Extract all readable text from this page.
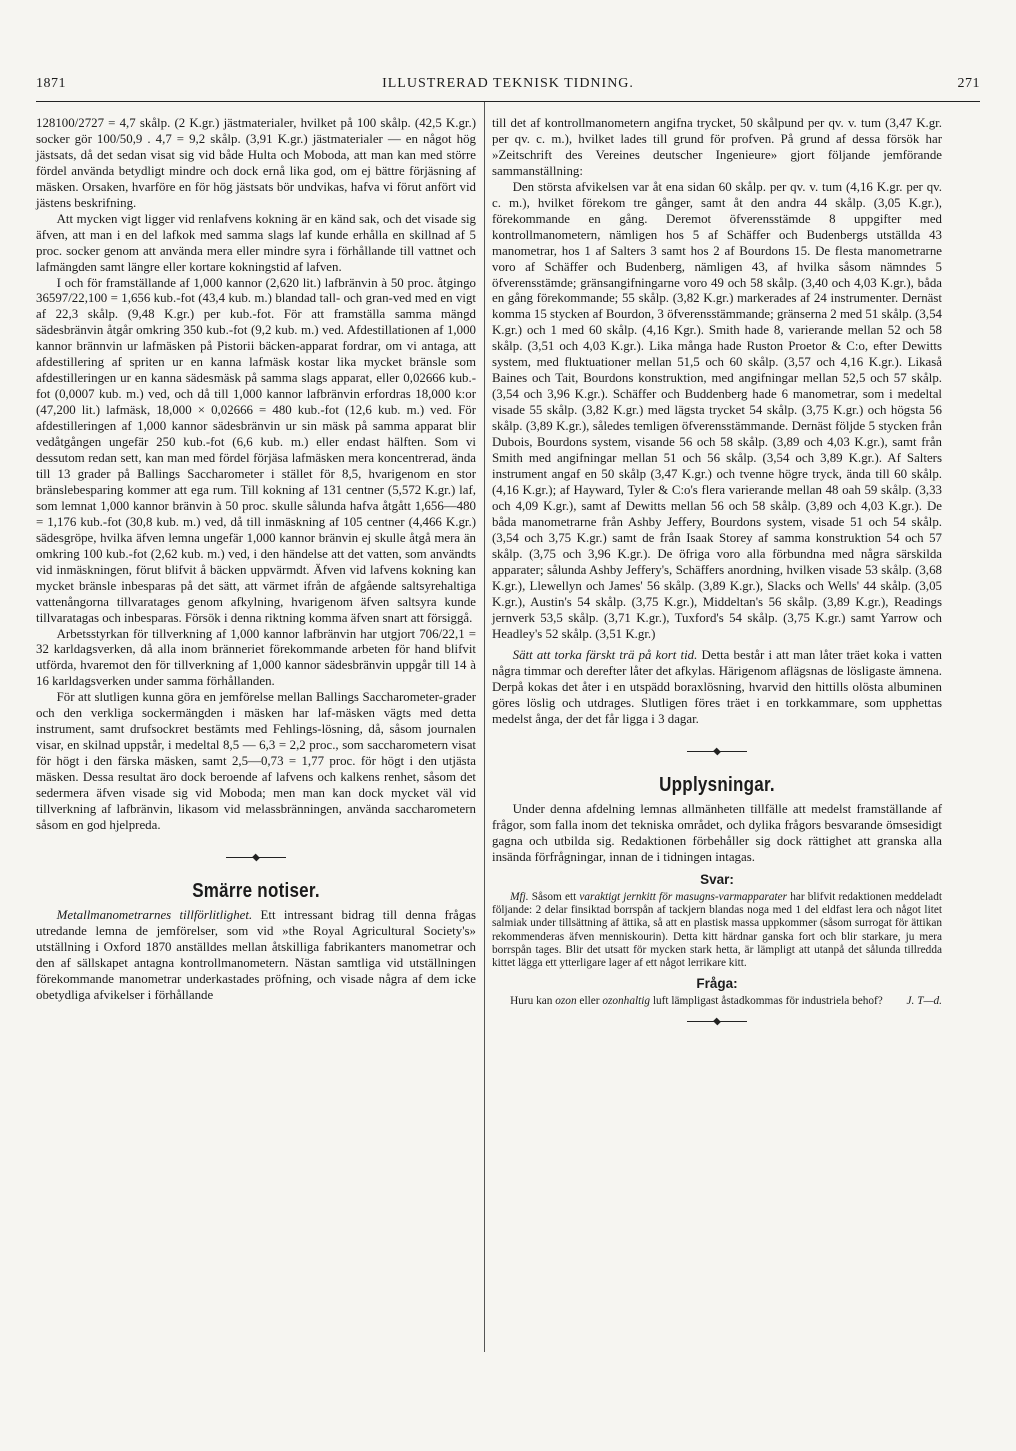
1871	ILLUSTRERAD TEKNISK TIDNING.	271

128100/2727 = 4,7 skålp. (2 K.gr.) jästmaterialer, hvilket på 100 skålp. (42,5 K.gr.) socker gör 100/50,9 . 4,7 = 9,2 skålp. (3,91 K.gr.) jästmaterialer — en något hög jästsats, då det sedan visat sig vid både Hulta och Moboda, att man kan med större fördel använda betydligt mindre och dock ernå lika god, om ej bättre förjäsning af mäsken. Orsaken, hvarföre en för hög jästsats bör undvikas, hafva vi förut anfört vid jästens beskrifning.

Att mycken vigt ligger vid renlafvens kokning är en känd sak, och det visade sig äfven, att man i en del lafkok med samma slags laf kunde erhålla en skillnad af 5 proc. socker genom att använda mera eller mindre syra i förhållande till vattnet och lafmängden samt längre eller kortare kokningstid af lafven.

I och för framställande af 1,000 kannor (2,620 lit.) lafbränvin à 50 proc. åtgingo 36597/22,100 = 1,656 kub.-fot (43,4 kub. m.) blandad tall- och gran-ved med en vigt af 22,3 skålp. (9,48 K.gr.) per kub.-fot. För att framställa samma mängd sädesbränvin åtgår omkring 350 kub.-fot (9,2 kub. m.) ved. Afdestillationen af 1,000 kannor brännvin ur lafmäsken på Pistorii bäcken-apparat fordrar, om vi antaga, att afdestillering af spriten ur en kanna lafmäsk kostar lika mycket bränsle som afdestilleringen ur en kanna sädesmäsk på samma slags apparat, eller 0,02666 kub.-fot (0,0007 kub. m.) ved, och då till 1,000 kannor lafbränvin erfordras 18,000 k:or (47,200 lit.) lafmäsk, 18,000 × 0,02666 = 480 kub.-fot (12,6 kub. m.) ved. För afdestilleringen af 1,000 kannor sädesbränvin ur sin mäsk på samma apparat blir vedåtgången ungefär 250 kub.-fot (6,6 kub. m.) eller endast hälften. Som vi dessutom redan sett, kan man med fördel förjäsa lafmäsken mera koncentrerad, ända till 13 grader på Ballings Saccharometer i stället för 8,5, hvarigenom en stor bränslebesparing kommer att ega rum. Till kokning af 131 centner (5,572 K.gr.) laf, som lemnat 1,000 kannor bränvin à 50 proc. skulle sålunda hafva åtgått 1,656—480 = 1,176 kub.-fot (30,8 kub. m.) ved, då till inmäskning af 105 centner (4,466 K.gr.) sädesgröpe, hvilka äfven lemna ungefär 1,000 kannor bränvin ej skulle åtgå mera än omkring 100 kub.-fot (2,62 kub. m.) ved, i den händelse att det vatten, som användts vid inmäskningen, förut blifvit å bäcken uppvärmdt. Äfven vid lafvens kokning kan mycket bränsle inbesparas på det sätt, att värmet ifrån de afgående saltsyrehaltiga vattenångorna tillvaratages genom afkylning, hvarigenom äfven saltsyra kunde tillvaratagas och inbesparas. Försök i denna riktning komma äfven snart att försiggå.

Arbetsstyrkan för tillverkning af 1,000 kannor lafbränvin har utgjort 706/22,1 = 32 karldagsverken, då alla inom bränneriet förekommande arbeten för hand blifvit utförda, hvaremot den för tillverkning af 1,000 kannor sädesbränvin uppgår till 14 à 16 karldagsverken under samma förhållanden.

För att slutligen kunna göra en jemförelse mellan Ballings Saccharometer-grader och den verkliga sockermängden i mäsken har laf-mäsken vägts med detta instrument, samt drufsockret bestämts med Fehlings-lösning, då, såsom journalen visar, en skilnad uppstår, i medeltal 8,5 — 6,3 = 2,2 proc., som saccharometern visat för högt i den färska mäsken, samt 2,5—0,73 = 1,77 proc. för högt i den utjästa mäsken. Dessa resultat äro dock beroende af lafvens och kalkens renhet, såsom det sedermera äfven visade sig vid Moboda; men man kan dock mycket väl vid tillverkning af lafbränvin, likasom vid melassbränningen, använda saccharometern såsom en god hjelpreda.

Smärre notiser.

Metallmanometrarnes tillförlitlighet. Ett intressant bidrag till denna frågas utredande lemna de jemförelser, som vid »the Royal Agricultural Society's» utställning i Oxford 1870 anställdes mellan åtskilliga fabrikanters manometrar och den af sällskapet antagna kontrollmanometern. Nästan samtliga vid utställningen förekommande manometrar underkastades pröfning, och visade några af dem icke obetydliga afvikelser i förhållande

till det af kontrollmanometern angifna trycket, 50 skålpund per qv. v. tum (3,47 K.gr. per qv. c. m.), hvilket lades till grund för profven. På grund af dessa försök har »Zeitschrift des Vereines deutscher Ingenieure» gjort följande jemförande sammanställning:

Den största afvikelsen var åt ena sidan 60 skålp. per qv. v. tum (4,16 K.gr. per qv. c. m.), hvilket förekom tre gånger, samt åt den andra 44 skålp. (3,05 K.gr.), förekommande en gång. Deremot öfverensstämde 8 uppgifter med kontrollmanometern, nämligen hos 5 af Schäffer och Budenbergs utställda 43 manometrar, hos 1 af Salters 3 samt hos 2 af Bourdons 15. De flesta manometrarne voro af Schäffer och Budenberg, nämligen 43, af hvilka såsom nämndes 5 öfverensstämde; gränsangifningarne voro 49 och 58 skålp. (3,40 och 4,03 K.gr.), båda en gång förekommande; 55 skålp. (3,82 K.gr.) markerades af 24 instrumenter. Dernäst komma 15 stycken af Bourdon, 3 öfverensstämmande; gränserna 2 med 51 skålp. (3,54 K.gr.) och 1 med 60 skålp. (4,16 Kgr.). Smith hade 8, varierande mellan 52 och 58 skålp. (3,51 och 4,03 K.gr.). Lika många hade Ruston Proetor & C:o, efter Dewitts system, med fluktuationer mellan 51,5 och 60 skålp. (3,57 och 4,16 K.gr.). Likaså Baines och Tait, Bourdons konstruktion, med angifningar mellan 52,5 och 57 skålp. (3,54 och 3,96 K.gr.). Schäffer och Buddenberg hade 6 manometrar, som i medeltal visade 55 skålp. (3,82 K.gr.) med lägsta trycket 54 skålp. (3,75 K.gr.) och högsta 56 skålp. (3,89 K.gr.), således temligen öfverensstämmande. Dernäst följde 5 stycken från Dubois, Bourdons system, visande 56 och 58 skålp. (3,89 och 4,03 K.gr.), samt från Smith med angifningar mellan 51 och 56 skålp. (3,54 och 3,89 K.gr.). Af Salters instrument angaf en 50 skålp (3,47 K.gr.) och tvenne högre tryck, ända till 60 skålp. (4,16 K.gr.); af Hayward, Tyler & C:o's flera varierande mellan 48 oah 59 skålp. (3,33 och 4,09 K.gr.), samt af Dewitts mellan 56 och 58 skålp. (3,89 och 4,03 K.gr.). De båda manometrarne från Ashby Jeffery, Bourdons system, visade 51 och 54 skålp. (3,54 och 3,75 K.gr.) samt de från Isaak Storey af samma konstruktion 54 och 57 skålp. (3,75 och 3,96 K.gr.). De öfriga voro alla förbundna med några särskilda apparater; sålunda Ashby Jeffery's, Schäffers anordning, hvilken visade 53 skålp. (3,68 K.gr.), Llewellyn och James' 56 skålp. (3,89 K.gr.), Slacks och Wells' 44 skålp. (3,05 K.gr.), Austin's 54 skålp. (3,75 K.gr.), Middeltan's 56 skålp. (3,89 K.gr.), Readings jernverk 53,5 skålp. (3,71 K.gr.), Tuxford's 54 skålp. (3,75 K.gr.) samt Yarrow och Headley's 52 skålp. (3,51 K.gr.)

Sätt att torka färskt trä på kort tid. Detta består i att man låter träet koka i vatten några timmar och derefter låter det afkylas. Härigenom aflägsnas de lösligaste ämnena. Derpå kokas det åter i en utspädd boraxlösning, hvarvid den hittills olösta albuminen göres löslig och utdrages. Slutligen föres träet i en torkkammare, som upphettas medelst ånga, der det får ligga i 3 dagar.

Upplysningar.

Under denna afdelning lemnas allmänheten tillfälle att medelst framställande af frågor, som falla inom det tekniska området, och dylika frågors besvarande ömsesidigt gagna och utbilda sig. Redaktionen förbehåller sig dock rättighet att granska alla insända förfrågningar, innan de i tidningen intagas.

Svar:

Mfj. Såsom ett varaktigt jernkitt för masugns-varmapparater har blifvit redaktionen meddeladt följande: 2 delar finsiktad borrspån af tackjern blandas noga med 1 del eldfast lera och något litet salmiak under tillsättning af ättika, så att en plastisk massa uppkommer (såsom surrogat för ättikan rekommenderas äfven menniskourin). Detta kitt härdnar ganska fort och blir starkare, ju mera borrspån tages. Blir det utsatt för mycken stark hetta, är lämpligt att utanpå det sålunda tillredda kittet lägga ett ytterligare lager af ett något lerrikare kitt.

Fråga:

Huru kan ozon eller ozonhaltig luft lämpligast åstadkommas för industriela behof?	J. T—d.
